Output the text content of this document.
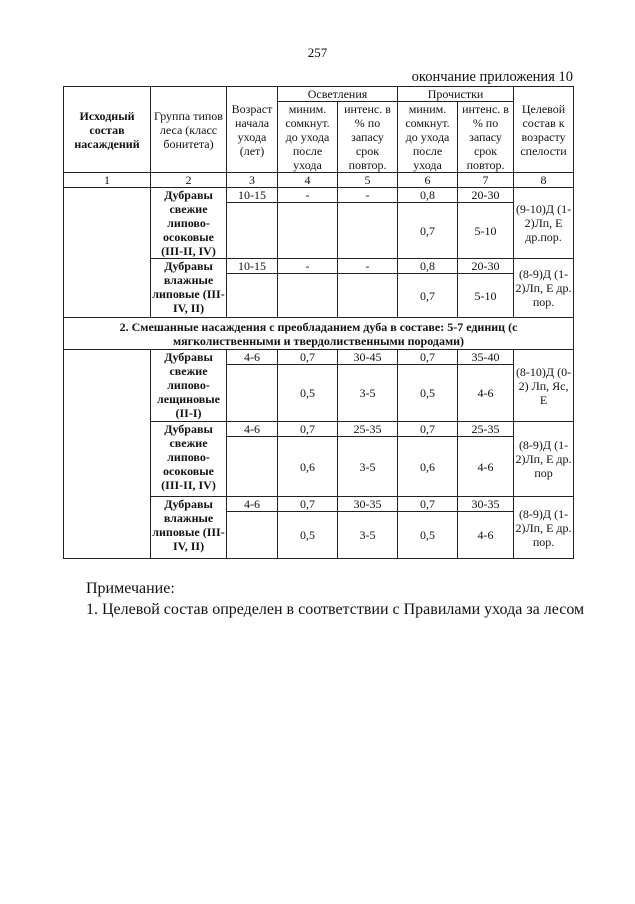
257
окончание приложения 10
Исходный состав насаждений	Группа типов леса (класс бонитета)	Возраст начала ухода (лет)	Осветления		Прочистки		Целевой состав к возрасту спелости
			миним. сомкнут. до ухода после ухода	интенс. в % по запасу срок повтор.	миним. сомкнут. до ухода после ухода	интенс. в % по запасу срок повтор.	
1	2	3	4	5	6	7	8
	Дубравы свежие липово-осоковые (III-II, IV)	10-15	-	-	0,8	20-30	(9-10)Д (1-2)Лп, Е др.пор.
					0,7	5-10	
	Дубравы влажные липовые (III-IV, II)	10-15	-	-	0,8	20-30	(8-9)Д (1-2)Лп, Е др. пор.
					0,7	5-10	
2. Смешанные насаждения с преобладанием дуба в составе: 5-7 единиц (с мягколиственными и твердолиственными породами)							
	Дубравы свежие липово-лещиновые (II-I)	4-6	0,7	30-45	0,7	35-40	(8-10)Д (0-2) Лп, Яс, Е
			0,5	3-5	0,5	4-6	
	Дубравы свежие липово-осоковые (III-II, IV)	4-6	0,7	25-35	0,7	25-35	(8-9)Д (1-2)Лп, Е др. пор
			0,6	3-5	0,6	4-6	
	Дубравы влажные липовые (III-IV, II)	4-6	0,7	30-35	0,7	30-35	(8-9)Д (1-2)Лп, Е др. пор.
			0,5	3-5	0,5	4-6	
Примечание:
1. Целевой состав определен в соответствии с Правилами ухода за лесом
